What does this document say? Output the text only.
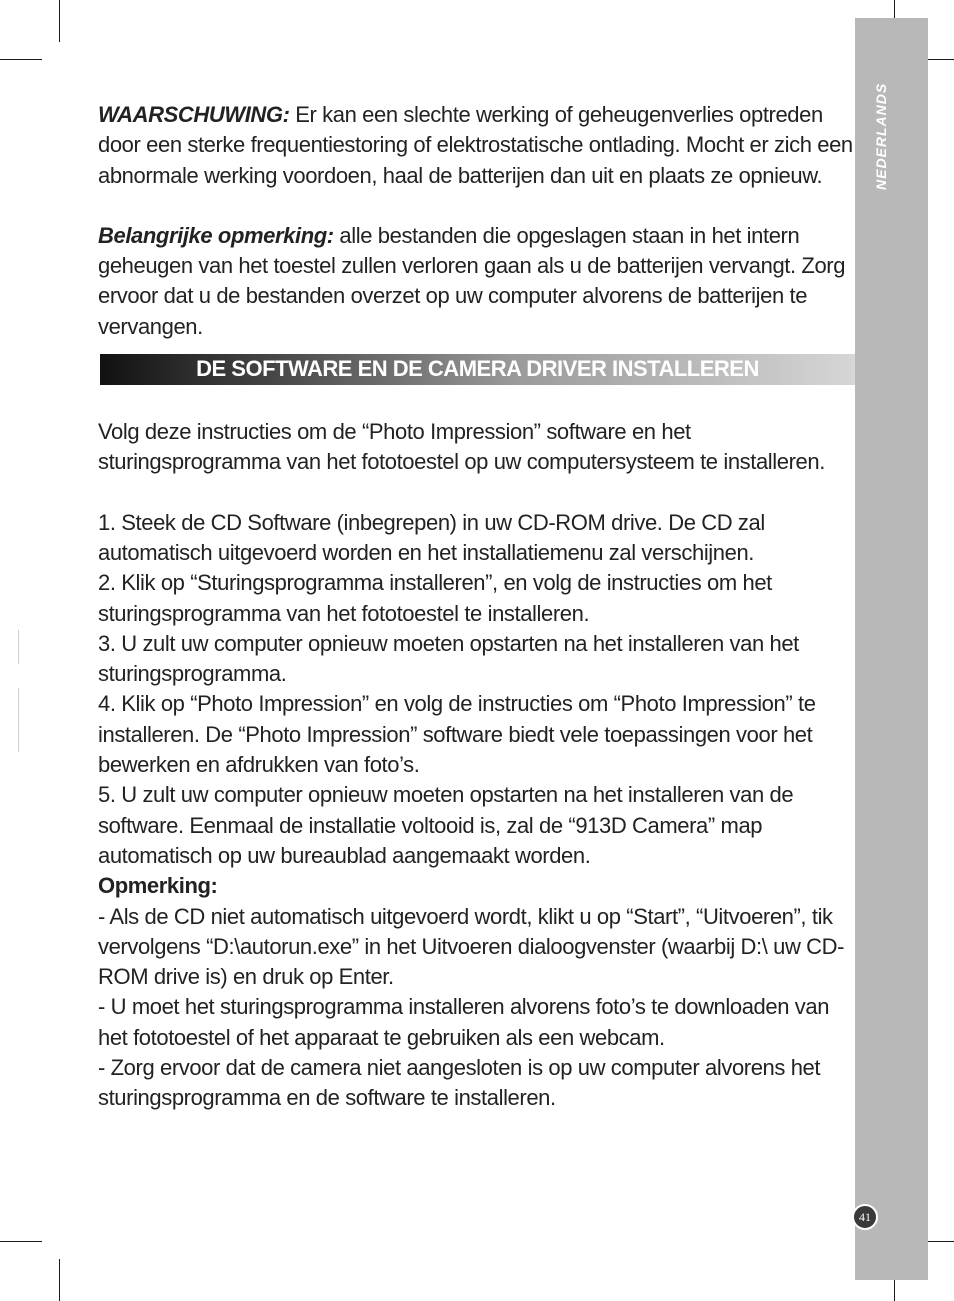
NEDERLANDS
41

WAARSCHUWING: Er kan een slechte werking of geheugenverlies optreden door een sterke frequentiestoring of elektrostatische ontlading. Mocht er zich een abnormale werking voordoen, haal de batterijen dan uit en plaats ze opnieuw.

Belangrijke opmerking: alle bestanden die opgeslagen staan in het intern geheugen van het toestel zullen verloren gaan als u de batterijen vervangt. Zorg ervoor dat u de bestanden overzet op uw computer alvorens de batterijen te vervangen.

DE SOFTWARE EN DE CAMERA DRIVER INSTALLEREN

Volg deze instructies om de “Photo Impression” software en het sturingsprogramma van het fototoestel op uw computersysteem te installeren.

1. Steek de CD Software (inbegrepen) in uw CD-ROM drive. De CD zal automatisch uitgevoerd worden en het installatiemenu zal verschijnen.

2. Klik op “Sturingsprogramma installeren”, en volg de instructies om het sturingsprogramma van het fototoestel te installeren.

3. U zult uw computer opnieuw moeten opstarten na het installeren van het sturingsprogramma.

4. Klik op “Photo Impression” en volg de instructies om “Photo Impression” te installeren. De “Photo Impression” software biedt vele toepassingen voor het bewerken en afdrukken van foto’s.

5. U zult uw computer opnieuw moeten opstarten na het installeren van de software. Eenmaal de installatie voltooid is, zal de “913D Camera” map automatisch op uw bureaublad aangemaakt worden.

Opmerking:

- Als de CD niet automatisch uitgevoerd wordt, klikt u op “Start”, “Uitvoeren”, tik vervolgens “D:\autorun.exe” in het Uitvoeren dialoogvenster (waarbij D:\ uw CD-ROM drive is) en druk op Enter.

- U moet het sturingsprogramma installeren alvorens foto’s te downloaden van het fototoestel of het apparaat te gebruiken als een webcam.

- Zorg ervoor dat de camera niet aangesloten is op uw computer alvorens het sturingsprogramma en de software te installeren.
